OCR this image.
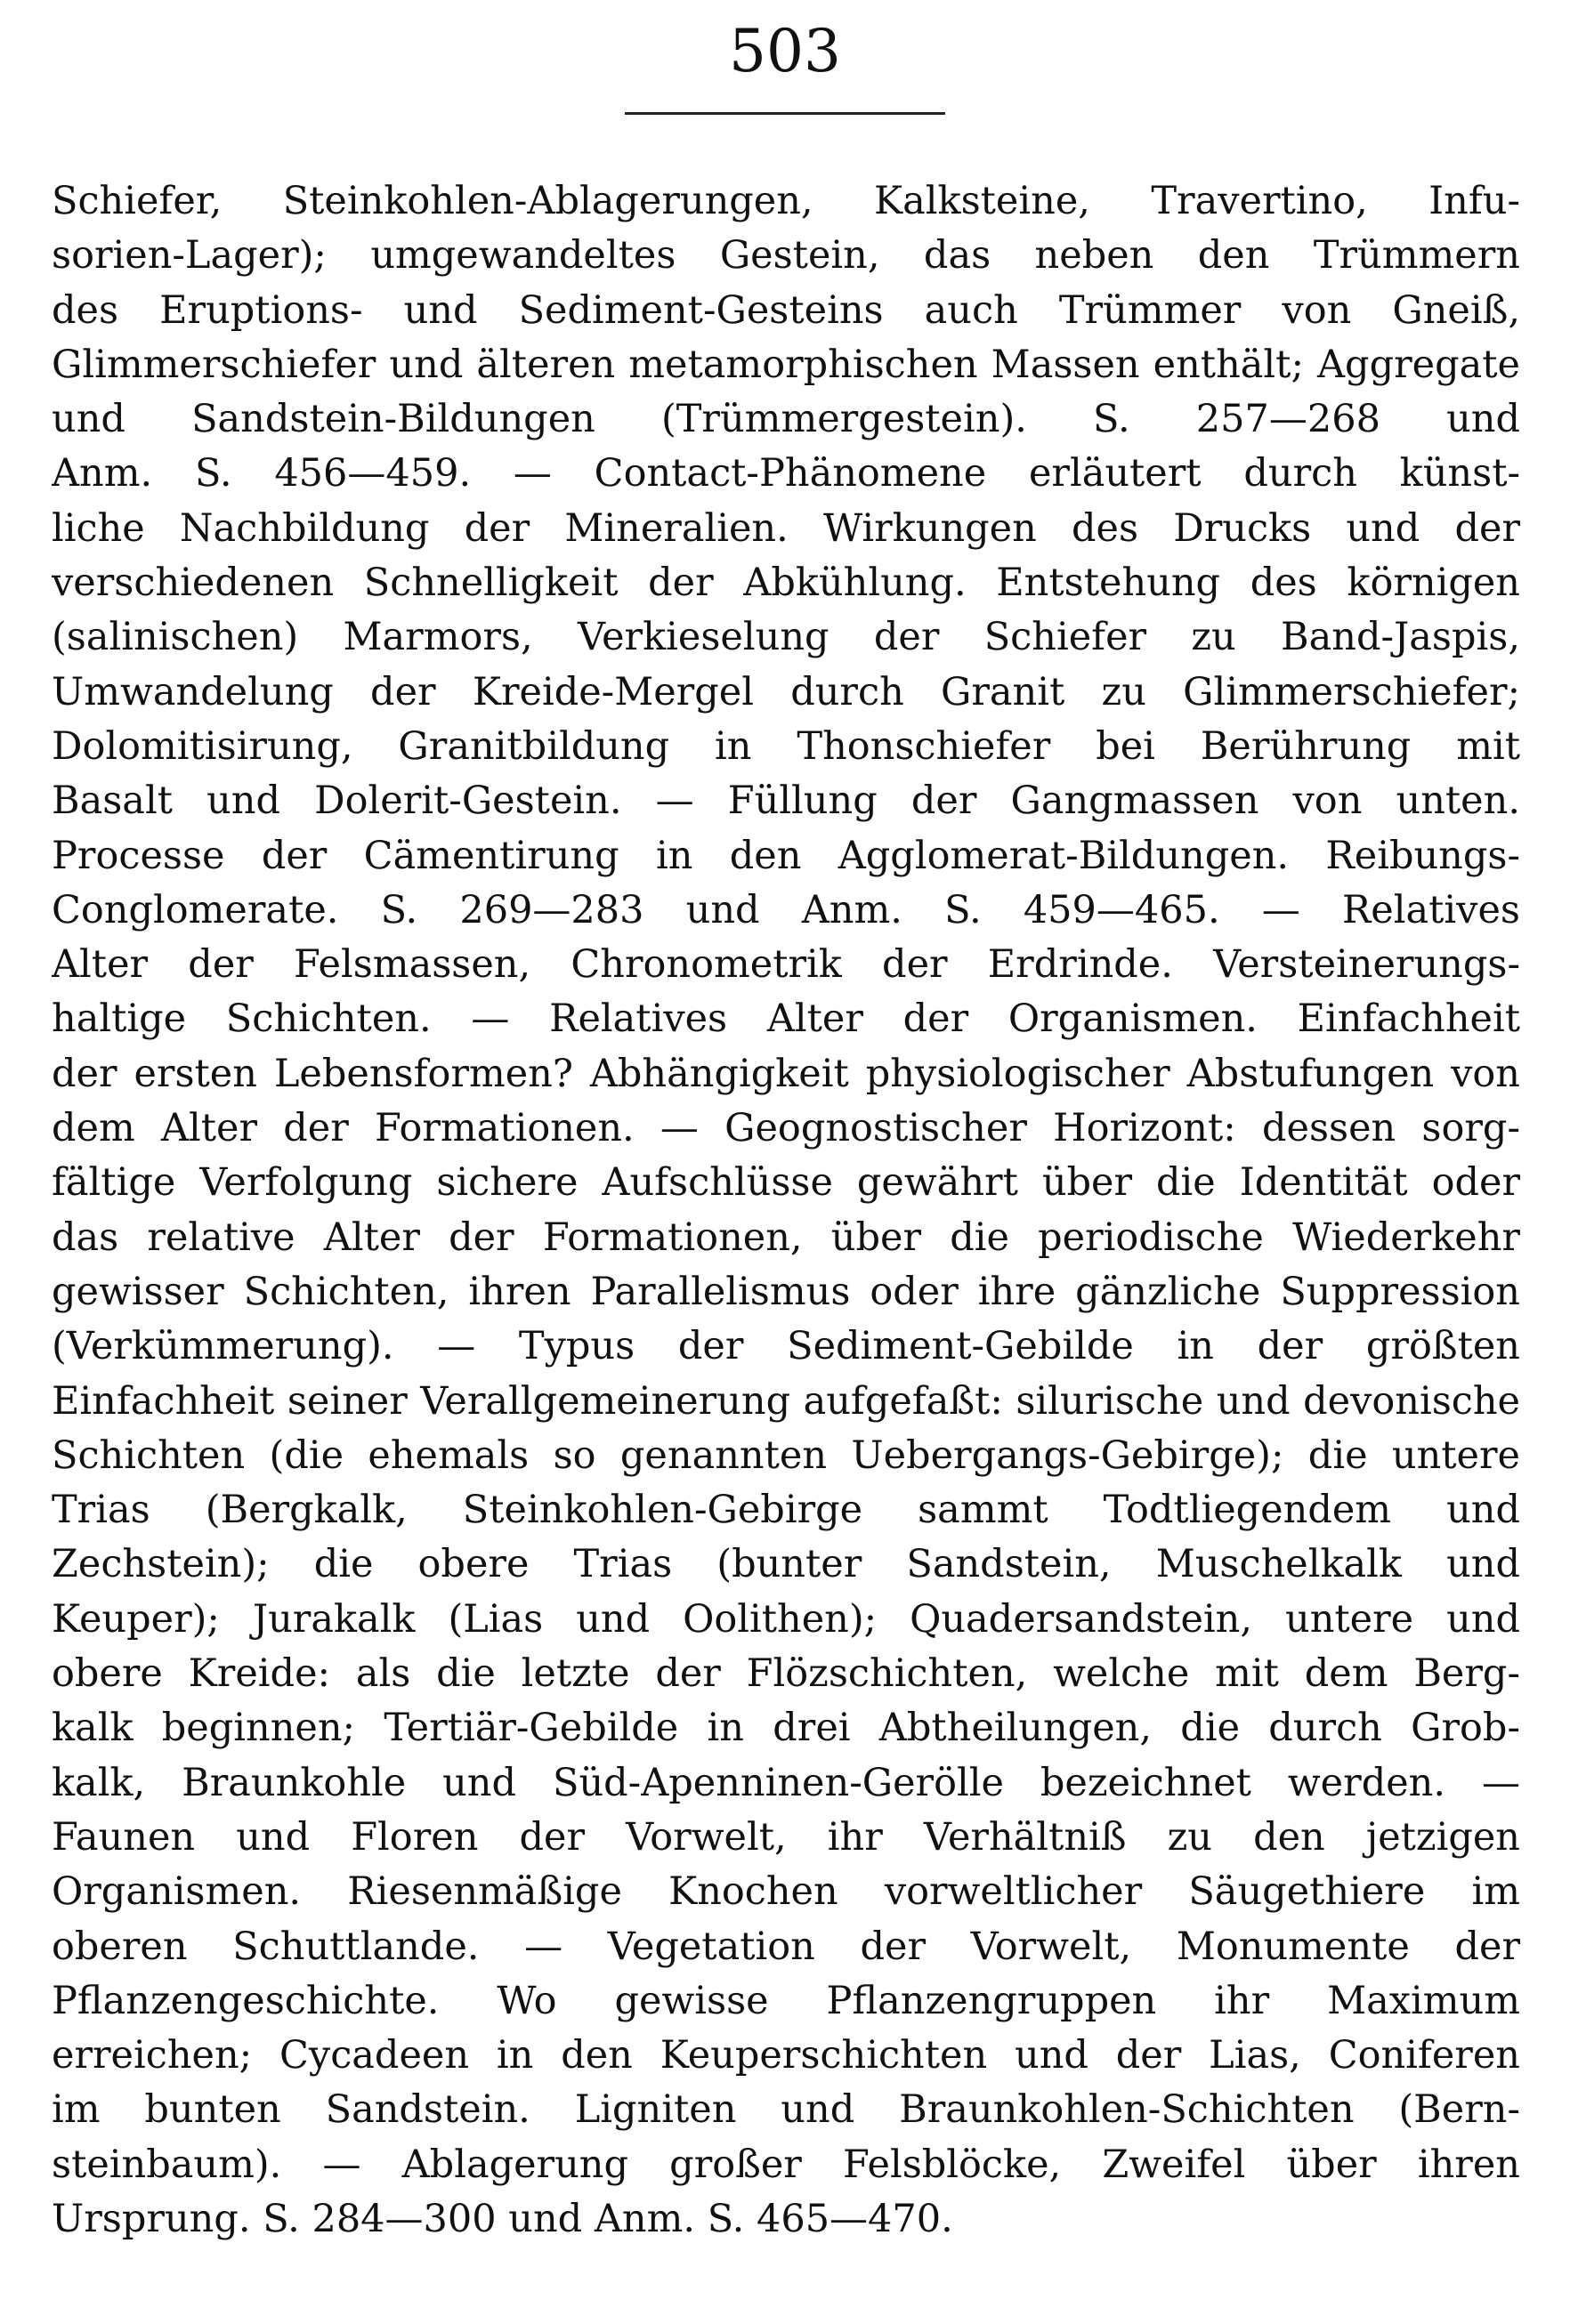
503

Schiefer, Steinkohlen-Ablagerungen, Kalksteine, Travertino, Infu-
sorien-Lager); umgewandeltes Gestein, das neben den Trümmern
des Eruptions- und Sediment-Gesteins auch Trümmer von Gneiß,
Glimmerschiefer und älteren metamorphischen Massen enthält; Aggregate
und Sandstein-Bildungen (Trümmergestein). S. 257—268 und
Anm. S. 456—459. — Contact-Phänomene erläutert durch künst-
liche Nachbildung der Mineralien. Wirkungen des Drucks und der
verschiedenen Schnelligkeit der Abkühlung. Entstehung des körnigen
(salinischen) Marmors, Verkieselung der Schiefer zu Band-Jaspis,
Umwandelung der Kreide-Mergel durch Granit zu Glimmerschiefer;
Dolomitisirung, Granitbildung in Thonschiefer bei Berührung mit
Basalt und Dolerit-Gestein. — Füllung der Gangmassen von unten.
Processe der Cämentirung in den Agglomerat-Bildungen. Reibungs-
Conglomerate. S. 269—283 und Anm. S. 459—465. — Relatives
Alter der Felsmassen, Chronometrik der Erdrinde. Versteinerungs-
haltige Schichten. — Relatives Alter der Organismen. Einfachheit
der ersten Lebensformen? Abhängigkeit physiologischer Abstufungen von
dem Alter der Formationen. — Geognostischer Horizont: dessen sorg-
fältige Verfolgung sichere Aufschlüsse gewährt über die Identität oder
das relative Alter der Formationen, über die periodische Wiederkehr
gewisser Schichten, ihren Parallelismus oder ihre gänzliche Suppression
(Verkümmerung). — Typus der Sediment-Gebilde in der größten
Einfachheit seiner Verallgemeinerung aufgefaßt: silurische und devonische
Schichten (die ehemals so genannten Uebergangs-Gebirge); die untere
Trias (Bergkalk, Steinkohlen-Gebirge sammt Todtliegendem und
Zechstein); die obere Trias (bunter Sandstein, Muschelkalk und
Keuper); Jurakalk (Lias und Oolithen); Quadersandstein, untere und
obere Kreide: als die letzte der Flözschichten, welche mit dem Berg-
kalk beginnen; Tertiär-Gebilde in drei Abtheilungen, die durch Grob-
kalk, Braunkohle und Süd-Apenninen-Gerölle bezeichnet werden. —
Faunen und Floren der Vorwelt, ihr Verhältniß zu den jetzigen
Organismen. Riesenmäßige Knochen vorweltlicher Säugethiere im
oberen Schuttlande. — Vegetation der Vorwelt, Monumente der
Pflanzengeschichte. Wo gewisse Pflanzengruppen ihr Maximum
erreichen; Cycadeen in den Keuperschichten und der Lias, Coniferen
im bunten Sandstein. Ligniten und Braunkohlen-Schichten (Bern-
steinbaum). — Ablagerung großer Felsblöcke, Zweifel über ihren
Ursprung. S. 284—300 und Anm. S. 465—470.
